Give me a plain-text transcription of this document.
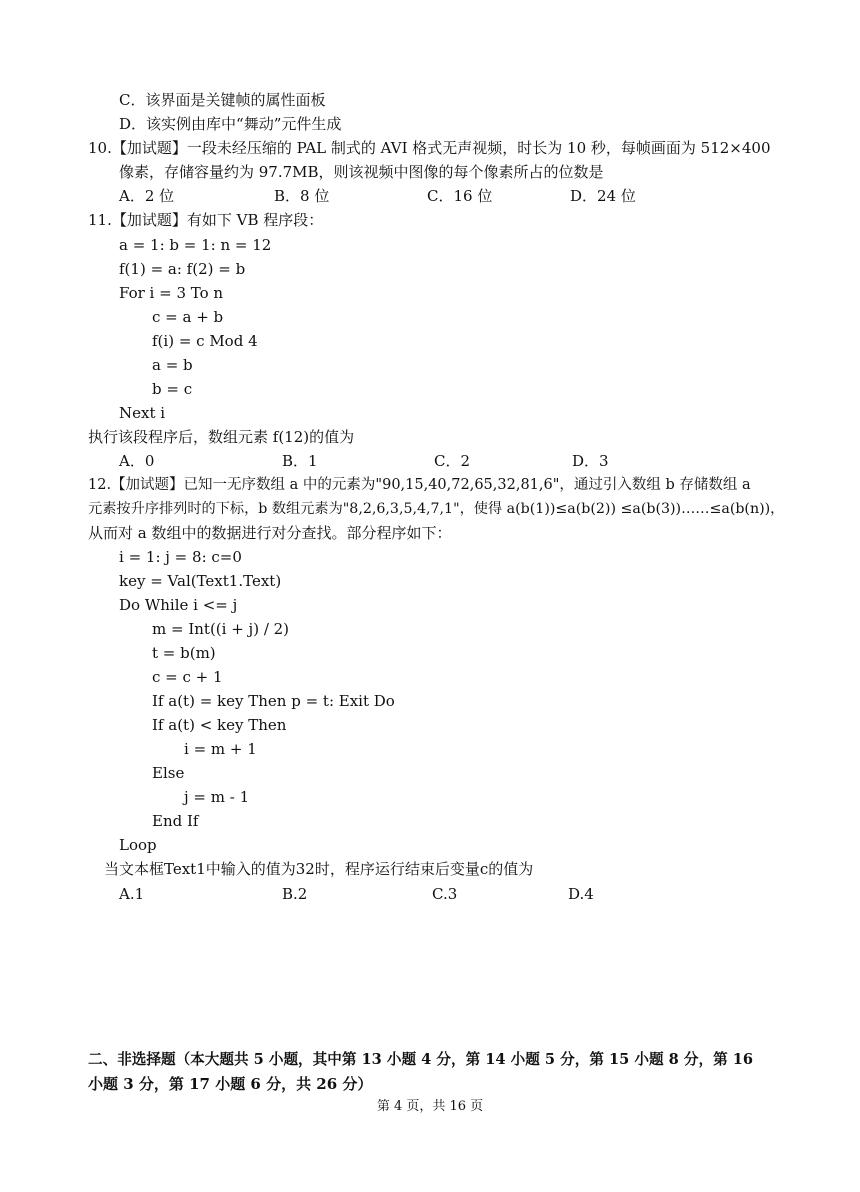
C．该界面是关键帧的属性面板
D．该实例由库中“舞动”元件生成
10.【加试题】一段未经压缩的 PAL 制式的 AVI 格式无声视频，时长为 10 秒，每帧画面为 512×400
像素，存储容量约为 97.7MB，则该视频中图像的每个像素所占的位数是
A．2 位	B．8 位	C．16 位	D．24 位
11.【加试题】有如下 VB 程序段：
a = 1: b = 1: n = 12
f(1) = a: f(2) = b
For i = 3 To n
c = a + b
f(i) = c Mod 4
a = b
b = c
Next i
执行该段程序后，数组元素 f(12)的值为
A．0	B．1	C．2	D．3
12.【加试题】已知一无序数组 a 中的元素为"90,15,40,72,65,32,81,6"，通过引入数组 b 存储数组 a
元素按升序排列时的下标，b 数组元素为"8,2,6,3,5,4,7,1"，使得 a(b(1))≤a(b(2)) ≤a(b(3))……≤a(b(n))，
从而对 a 数组中的数据进行对分查找。部分程序如下：
i = 1: j = 8: c=0
key = Val(Text1.Text)
Do While i <= j
m = Int((i + j) / 2)
t = b(m)
c = c + 1
If a(t) = key Then p = t: Exit Do
If a(t) < key Then
i = m + 1
Else
j = m - 1
End If
Loop
当文本框Text1中输入的值为32时，程序运行结束后变量c的值为
A.1	B.2	C.3	D.4
二、非选择题（本大题共 5 小题，其中第 13 小题 4 分，第 14 小题 5 分，第 15 小题 8 分，第 16
小题 3 分，第 17 小题 6 分，共 26 分）
第 4 页，共 16 页
